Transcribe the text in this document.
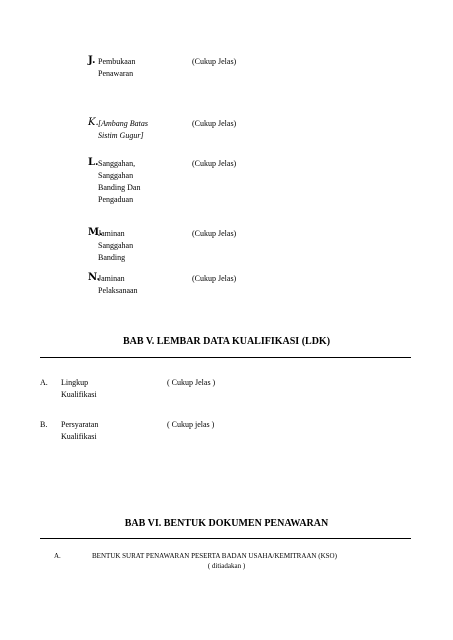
J. Pembukaan
Penawaran
(Cukup Jelas)
K. [Ambang Batas
Sistim Gugur]
(Cukup Jelas)
L. Sanggahan,
Sanggahan
Banding Dan
Pengaduan
(Cukup Jelas)
M.
Jaminan
Sanggahan
Banding
(Cukup Jelas)
N.
Jaminan
Pelaksanaan
(Cukup Jelas)
BAB V. LEMBAR DATA KUALIFIKASI (LDK)
A. Lingkup
Kualifikasi
( Cukup Jelas )
B. Persyaratan
Kualifikasi
( Cukup jelas )
BAB VI. BENTUK DOKUMEN PENAWARAN
A.	BENTUK SURAT PENAWARAN PESERTA BADAN USAHA/KEMITRAAN (KSO)
( ditiadakan )
